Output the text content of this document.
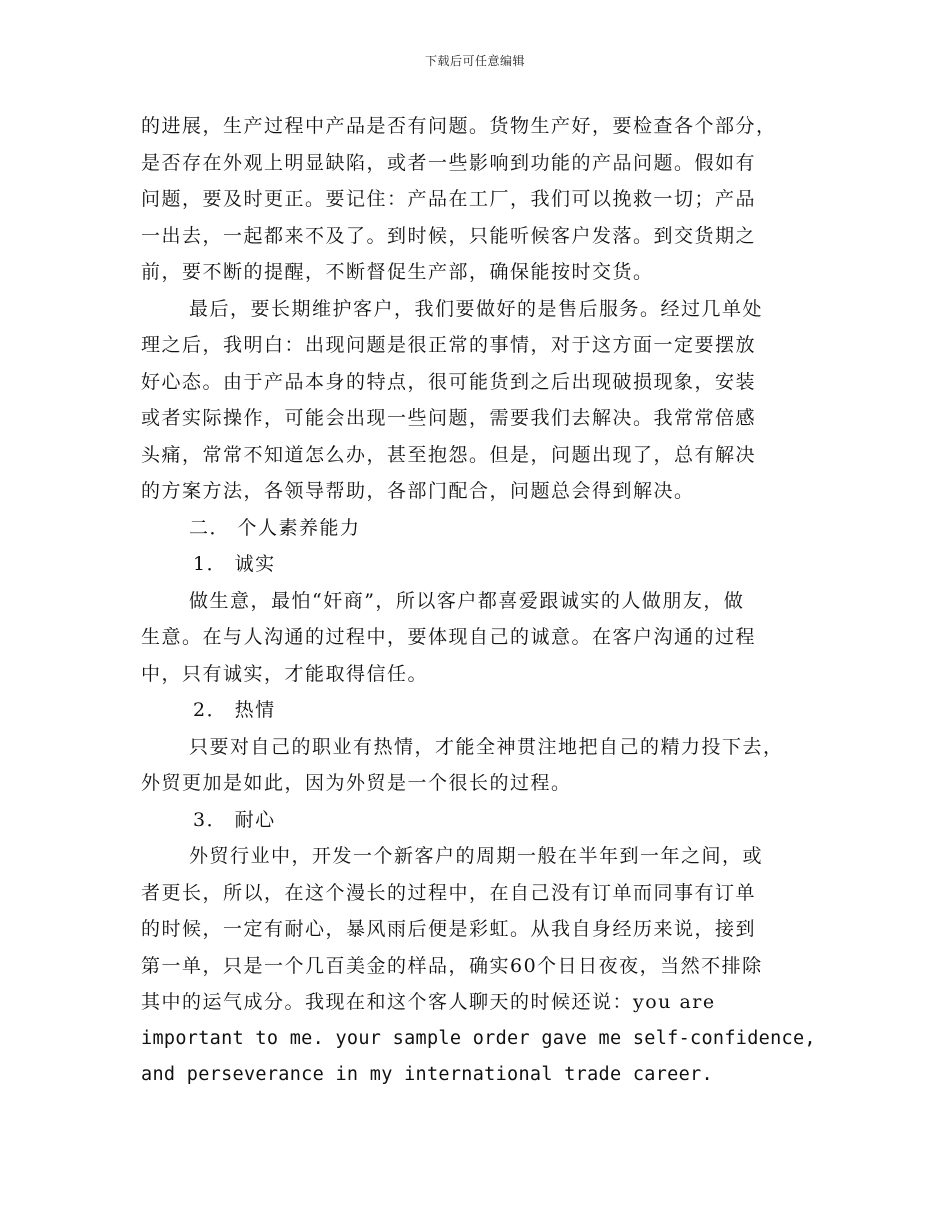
下载后可任意编辑
的进展，生产过程中产品是否有问题。货物生产好，要检查各个部分，
是否存在外观上明显缺陷，或者一些影响到功能的产品问题。假如有
问题，要及时更正。要记住：产品在工厂，我们可以挽救一切；产品
一出去，一起都来不及了。到时候，只能听候客户发落。到交货期之
前，要不断的提醒，不断督促生产部，确保能按时交货。
最后，要长期维护客户，我们要做好的是售后服务。经过几单处
理之后，我明白：出现问题是很正常的事情，对于这方面一定要摆放
好心态。由于产品本身的特点，很可能货到之后出现破损现象，安装
或者实际操作，可能会出现一些问题，需要我们去解决。我常常倍感
头痛，常常不知道怎么办，甚至抱怨。但是，问题出现了，总有解决
的方案方法，各领导帮助，各部门配合，问题总会得到解决。
二． 个人素养能力
1． 诚实
做生意，最怕“奸商”，所以客户都喜爱跟诚实的人做朋友，做
生意。在与人沟通的过程中，要体现自己的诚意。在客户沟通的过程
中，只有诚实，才能取得信任。
2． 热情
只要对自己的职业有热情，才能全神贯注地把自己的精力投下去，
外贸更加是如此，因为外贸是一个很长的过程。
3． 耐心
外贸行业中，开发一个新客户的周期一般在半年到一年之间，或
者更长，所以，在这个漫长的过程中，在自己没有订单而同事有订单
的时候，一定有耐心，暴风雨后便是彩虹。从我自身经历来说，接到
第一单，只是一个几百美金的样品，确实60个日日夜夜，当然不排除
其中的运气成分。我现在和这个客人聊天的时候还说：you are
important to me. your sample order gave me self-confidence,
and perseverance in my international trade career.
